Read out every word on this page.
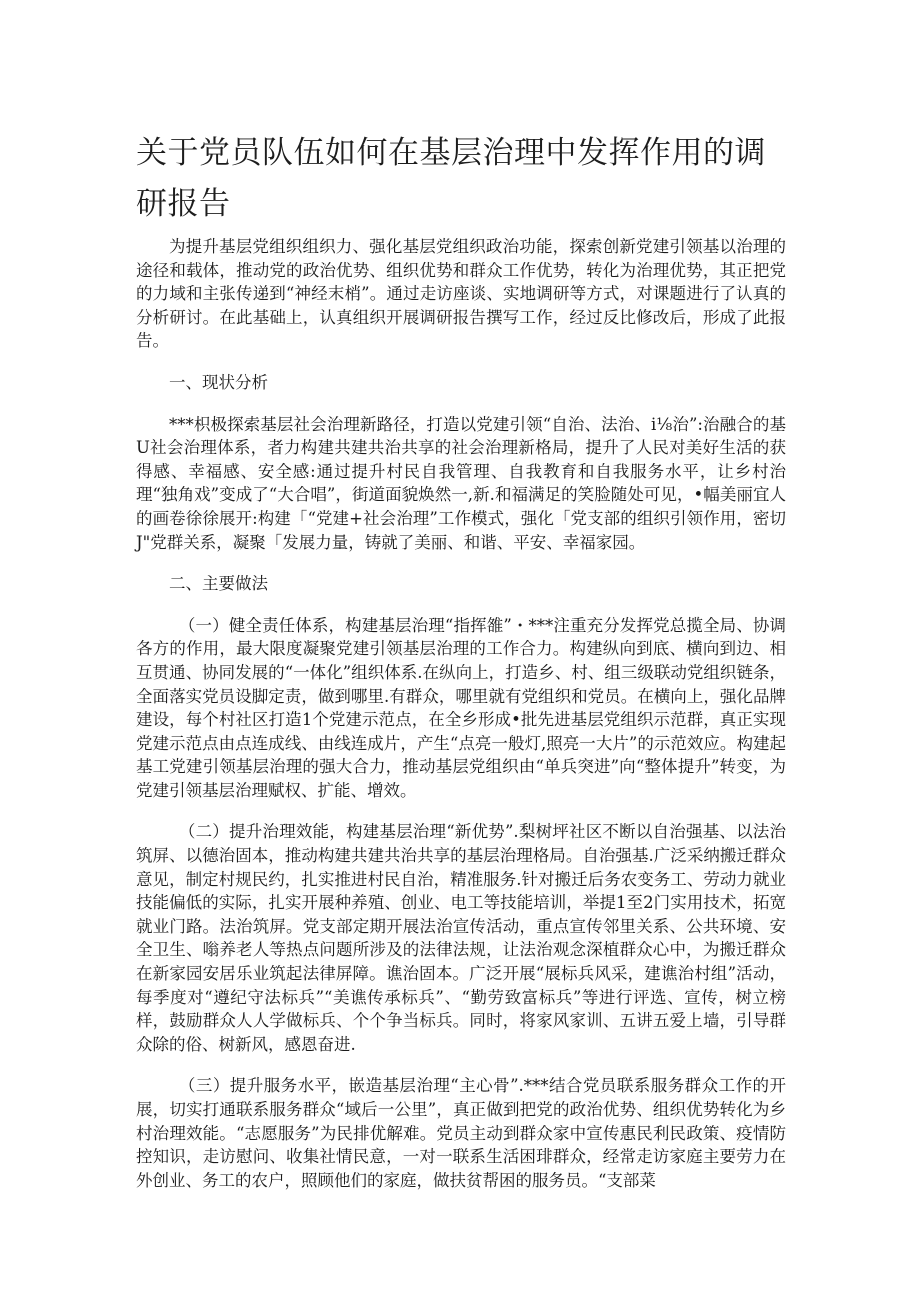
关于党员队伍如何在基层治理中发挥作用的调研报告

为提升基层党组织组织力、强化基层党组织政治功能，探索创新党建引领基以治理的途径和载体，推动党的政治优势、组织优势和群众工作优势，转化为治理优势，其正把党的力域和主张传递到“神经末梢”。通过走访座谈、实地调研等方式，对课题进行了认真的分析研讨。在此基础上，认真组织开展调研报告撰写工作，经过反比修改后，形成了此报告。

一、现状分析

***枳极探索基层社会治理新路径，打造以党建引领“自治、法治、i⅛治”:治融合的基U社会治理体系，者力构建共建共治共享的社会治理新格局，提升了人民对美好生活的获得感、幸福感、安全感:通过提升村民自我管理、自我教育和自我服务水平，让乡村治理“独角戏”变成了“大合唱”，街道面貌焕然一,新.和福满足的笑脸随处可见，•幅美丽宜人的画卷徐徐展开:构建「“党建+社会治理”工作模式，强化「党支部的组织引领作用，密切J"党群关系，凝聚「发展力量，铸就了美丽、和谐、平安、幸福家园。

二、主要做法

（一）健全责任体系，构建基层治理“指挥雒”・***注重充分发挥党总揽全局、协调各方的作用，最大限度凝聚党建引领基层治理的工作合力。构建纵向到底、横向到边、相互贯通、协同发展的“一体化”组织体系.在纵向上，打造乡、村、组三级联动党组织链条，全面落实党员设脚定责，做到哪里.有群众，哪里就有党组织和党员。在横向上，强化品牌建设，每个村社区打造1个党建示范点，在全乡形成•批先进基层党组织示范群，真正实现党建示范点由点连成线、由线连成片，产生“点亮一般灯,照亮一大片”的示范效应。构建起基工党建引领基层治理的强大合力，推动基层党组织由“单兵突进”向“整体提升”转变，为党建引领基层治理赋权、扩能、增效。

（二）提升治理效能，构建基层治理“新优势”.梨树坪社区不断以自治强基、以法治筑屏、以德治固本，推动构建共建共治共享的基层治理格局。自治强基.广泛采纳搬迁群众意见，制定村规民约，扎实推进村民自治，精准服务.针对搬迁后务农变务工、劳动力就业技能偏低的实际，扎实开展种养殖、创业、电工等技能培训，举提1至2门实用技术，拓宽就业门路。法治筑屏。党支部定期开展法治宣传活动，重点宣传邻里关系、公共环境、安全卫生、嗡养老人等热点问题所涉及的法律法规，让法治观念深植群众心中，为搬迁群众在新家园安居乐业筑起法律屏障。谯治固本。广泛开展“展标兵风采，建谯治村组”活动，每季度对“遵纪守法标兵”“美谯传承标兵”、“勤劳致富标兵”等进行评选、宣传，树立榜样，鼓励群众人人学做标兵、个个争当标兵。同时，将家风家训、五讲五爱上墙，引导群众除的俗、树新风，感恩奋进.

（三）提升服务水平，嵌造基层治理“主心骨”.***结合党员联系服务群众工作的开展，切实打通联系服务群众“域后一公里”，真正做到把党的政治优势、组织优势转化为乡村治理效能。“志愿服务”为民排优解难。党员主动到群众家中宣传惠民利民政策、疫情防控知识，走访慰问、收集社情民意，一对一联系生活困琲群众，经常走访家庭主要劳力在外创业、务工的农户，照顾他们的家庭，做扶贫帮困的服务员。“支部菜
